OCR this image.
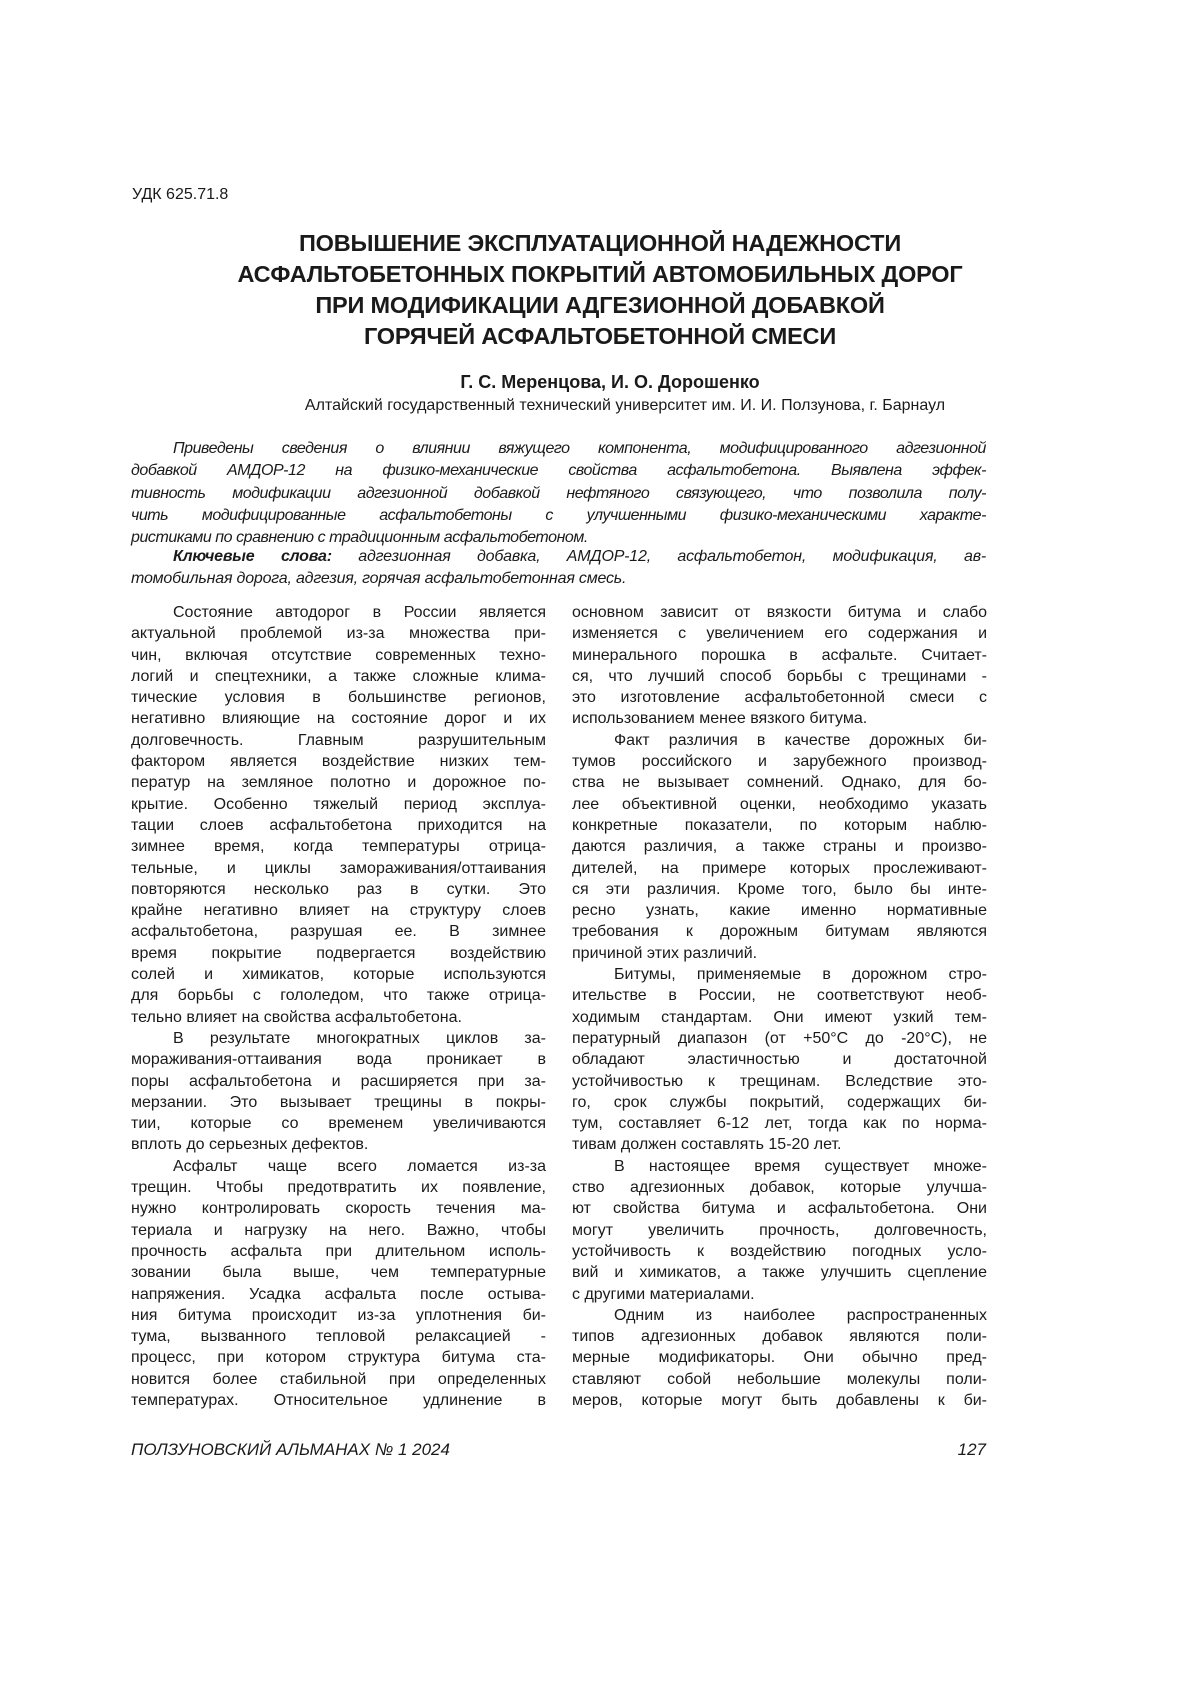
УДК 625.71.8
ПОВЫШЕНИЕ ЭКСПЛУАТАЦИОННОЙ НАДЕЖНОСТИ
АСФАЛЬТОБЕТОННЫХ ПОКРЫТИЙ АВТОМОБИЛЬНЫХ ДОРОГ
ПРИ МОДИФИКАЦИИ АДГЕЗИОННОЙ ДОБАВКОЙ
ГОРЯЧЕЙ АСФАЛЬТОБЕТОННОЙ СМЕСИ
Г. С. Меренцова, И. О. Дорошенко
Алтайский государственный технический университет им. И. И. Ползунова, г. Барнаул
Приведены сведения о влиянии вяжущего компонента, модифицированного адгезионной
добавкой АМДОР-12 на физико-механические свойства асфальтобетона. Выявлена эффек-
тивность модификации адгезионной добавкой нефтяного связующего, что позволила полу-
чить модифицированные асфальтобетоны с улучшенными физико-механическими характе-
ристиками по сравнению с традиционным асфальтобетоном.
Ключевые слова: адгезионная добавка, АМДОР-12, асфальтобетон, модификация, ав-
томобильная дорога, адгезия, горячая асфальтобетонная смесь.
Состояние автодорог в России является
актуальной проблемой из-за множества при-
чин, включая отсутствие современных техно-
логий и спецтехники, а также сложные клима-
тические условия в большинстве регионов,
негативно влияющие на состояние дорог и их
долговечность. Главным разрушительным
фактором является воздействие низких тем-
ператур на земляное полотно и дорожное по-
крытие. Особенно тяжелый период эксплуа-
тации слоев асфальтобетона приходится на
зимнее время, когда температуры отрица-
тельные, и циклы замораживания/оттаивания
повторяются несколько раз в сутки. Это
крайне негативно влияет на структуру слоев
асфальтобетона, разрушая ее. В зимнее
время покрытие подвергается воздействию
солей и химикатов, которые используются
для борьбы с гололедом, что также отрица-
тельно влияет на свойства асфальтобетона.
В результате многократных циклов за-
мораживания-оттаивания вода проникает в
поры асфальтобетона и расширяется при за-
мерзании. Это вызывает трещины в покры-
тии, которые со временем увеличиваются
вплоть до серьезных дефектов.
Асфальт чаще всего ломается из-за
трещин. Чтобы предотвратить их появление,
нужно контролировать скорость течения ма-
териала и нагрузку на него. Важно, чтобы
прочность асфальта при длительном исполь-
зовании была выше, чем температурные
напряжения. Усадка асфальта после остыва-
ния битума происходит из-за уплотнения би-
тума, вызванного тепловой релаксацией -
процесс, при котором структура битума ста-
новится более стабильной при определенных
температурах. Относительное удлинение в
основном зависит от вязкости битума и слабо
изменяется с увеличением его содержания и
минерального порошка в асфальте. Считает-
ся, что лучший способ борьбы с трещинами -
это изготовление асфальтобетонной смеси с
использованием менее вязкого битума.
Факт различия в качестве дорожных би-
тумов российского и зарубежного производ-
ства не вызывает сомнений. Однако, для бо-
лее объективной оценки, необходимо указать
конкретные показатели, по которым наблю-
даются различия, а также страны и произво-
дителей, на примере которых прослеживают-
ся эти различия. Кроме того, было бы инте-
ресно узнать, какие именно нормативные
требования к дорожным битумам являются
причиной этих различий.
Битумы, применяемые в дорожном стро-
ительстве в России, не соответствуют необ-
ходимым стандартам. Они имеют узкий тем-
пературный диапазон (от +50°С до -20°С), не
обладают эластичностью и достаточной
устойчивостью к трещинам. Вследствие это-
го, срок службы покрытий, содержащих би-
тум, составляет 6-12 лет, тогда как по норма-
тивам должен составлять 15-20 лет.
В настоящее время существует множе-
ство адгезионных добавок, которые улучша-
ют свойства битума и асфальтобетона. Они
могут увеличить прочность, долговечность,
устойчивость к воздействию погодных усло-
вий и химикатов, а также улучшить сцепление
с другими материалами.
Одним из наиболее распространенных
типов адгезионных добавок являются поли-
мерные модификаторы. Они обычно пред-
ставляют собой небольшие молекулы поли-
меров, которые могут быть добавлены к би-
ПОЛЗУНОВСКИЙ АЛЬМАНАХ № 1 2024	127
